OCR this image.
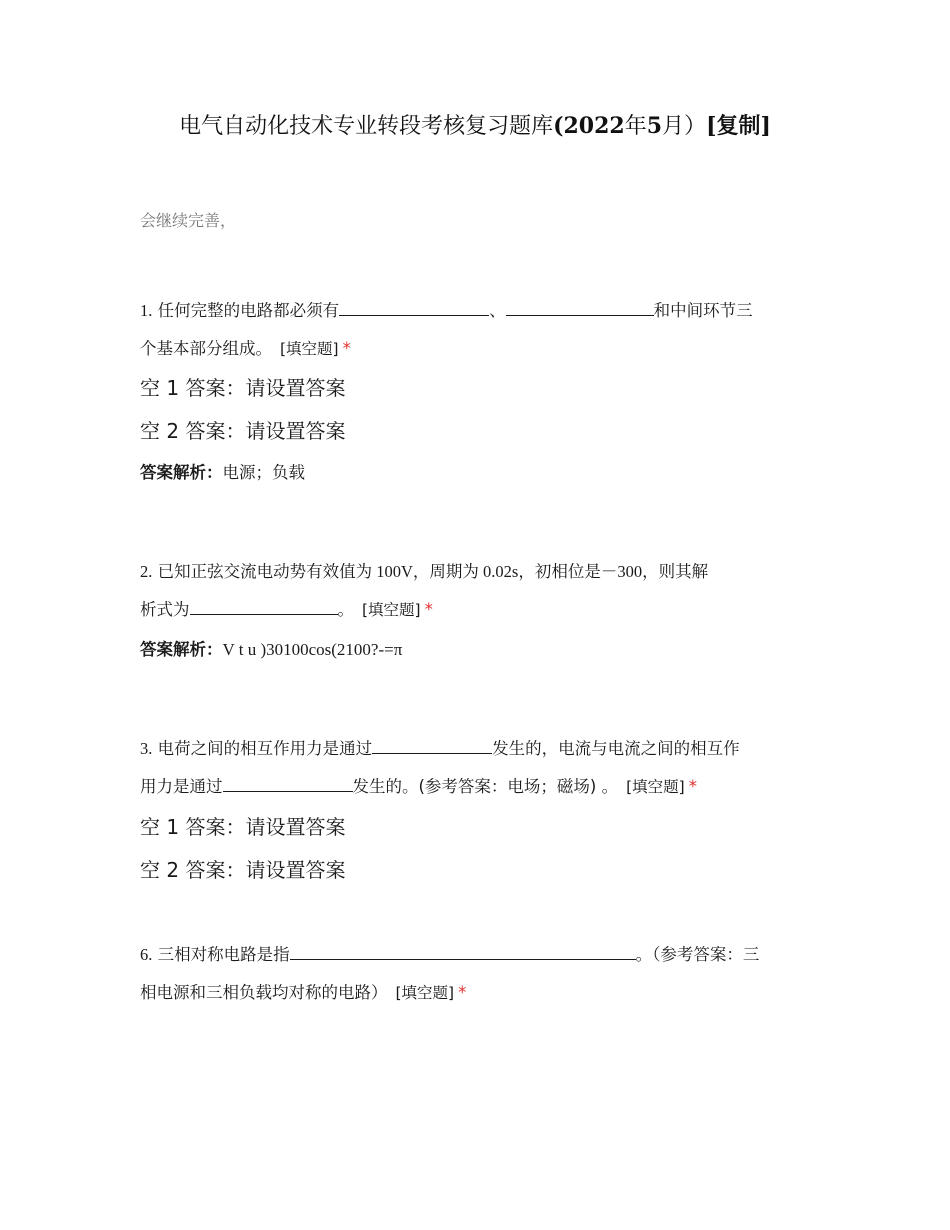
电气自动化技术专业转段考核复习题库(2022年5月）[复制]
会继续完善，
1. 任何完整的电路都必须有	、	和中间环节三
个基本部分组成。 [填空题] *
空 1 答案：请设置答案
空 2 答案：请设置答案
答案解析：电源；负载
2. 已知正弦交流电动势有效值为 100V，周期为 0.02s，初相位是－300，则其解
析式为	。 [填空题] *
答案解析：V t u )30100cos(2100?-=π
3. 电荷之间的相互作用力是通过	发生的，电流与电流之间的相互作
用力是通过	发生的。(参考答案：电场；磁场) 。 [填空题] *
空 1 答案：请设置答案
空 2 答案：请设置答案
6. 三相对称电路是指	。（参考答案：三
相电源和三相负载均对称的电路） [填空题] *
